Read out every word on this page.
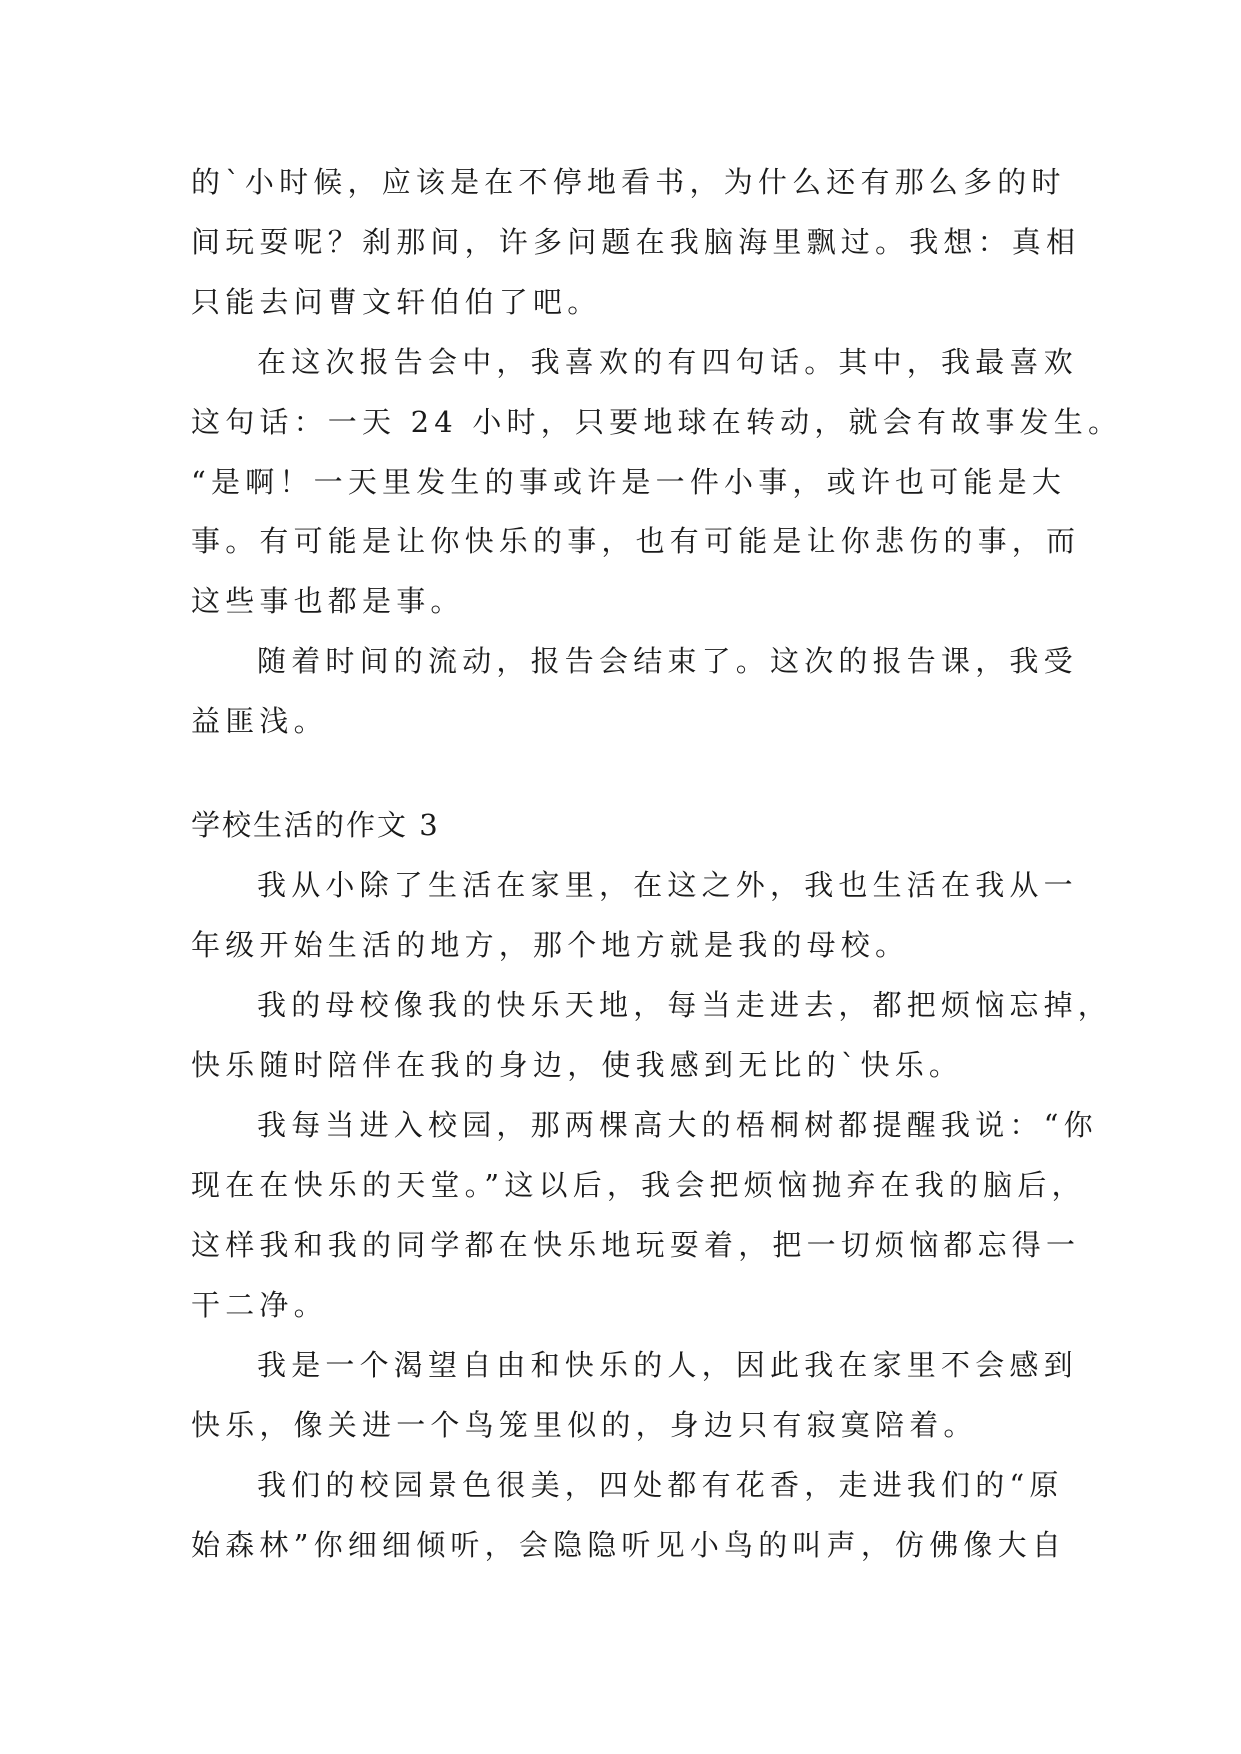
的`小时候，应该是在不停地看书，为什么还有那么多的时
间玩耍呢？刹那间，许多问题在我脑海里飘过。我想：真相
只能去问曹文轩伯伯了吧。
在这次报告会中，我喜欢的有四句话。其中，我最喜欢
这句话：一天 24 小时，只要地球在转动，就会有故事发生。
“是啊！一天里发生的事或许是一件小事，或许也可能是大
事。有可能是让你快乐的事，也有可能是让你悲伤的事，而
这些事也都是事。
随着时间的流动，报告会结束了。这次的报告课，我受
益匪浅。
学校生活的作文 3
我从小除了生活在家里，在这之外，我也生活在我从一
年级开始生活的地方，那个地方就是我的母校。
我的母校像我的快乐天地，每当走进去，都把烦恼忘掉，
快乐随时陪伴在我的身边，使我感到无比的`快乐。
我每当进入校园，那两棵高大的梧桐树都提醒我说：“你
现在在快乐的天堂。”这以后，我会把烦恼抛弃在我的脑后，
这样我和我的同学都在快乐地玩耍着，把一切烦恼都忘得一
干二净。
我是一个渴望自由和快乐的人，因此我在家里不会感到
快乐，像关进一个鸟笼里似的，身边只有寂寞陪着。
我们的校园景色很美，四处都有花香，走进我们的“原
始森林”你细细倾听，会隐隐听见小鸟的叫声，仿佛像大自
